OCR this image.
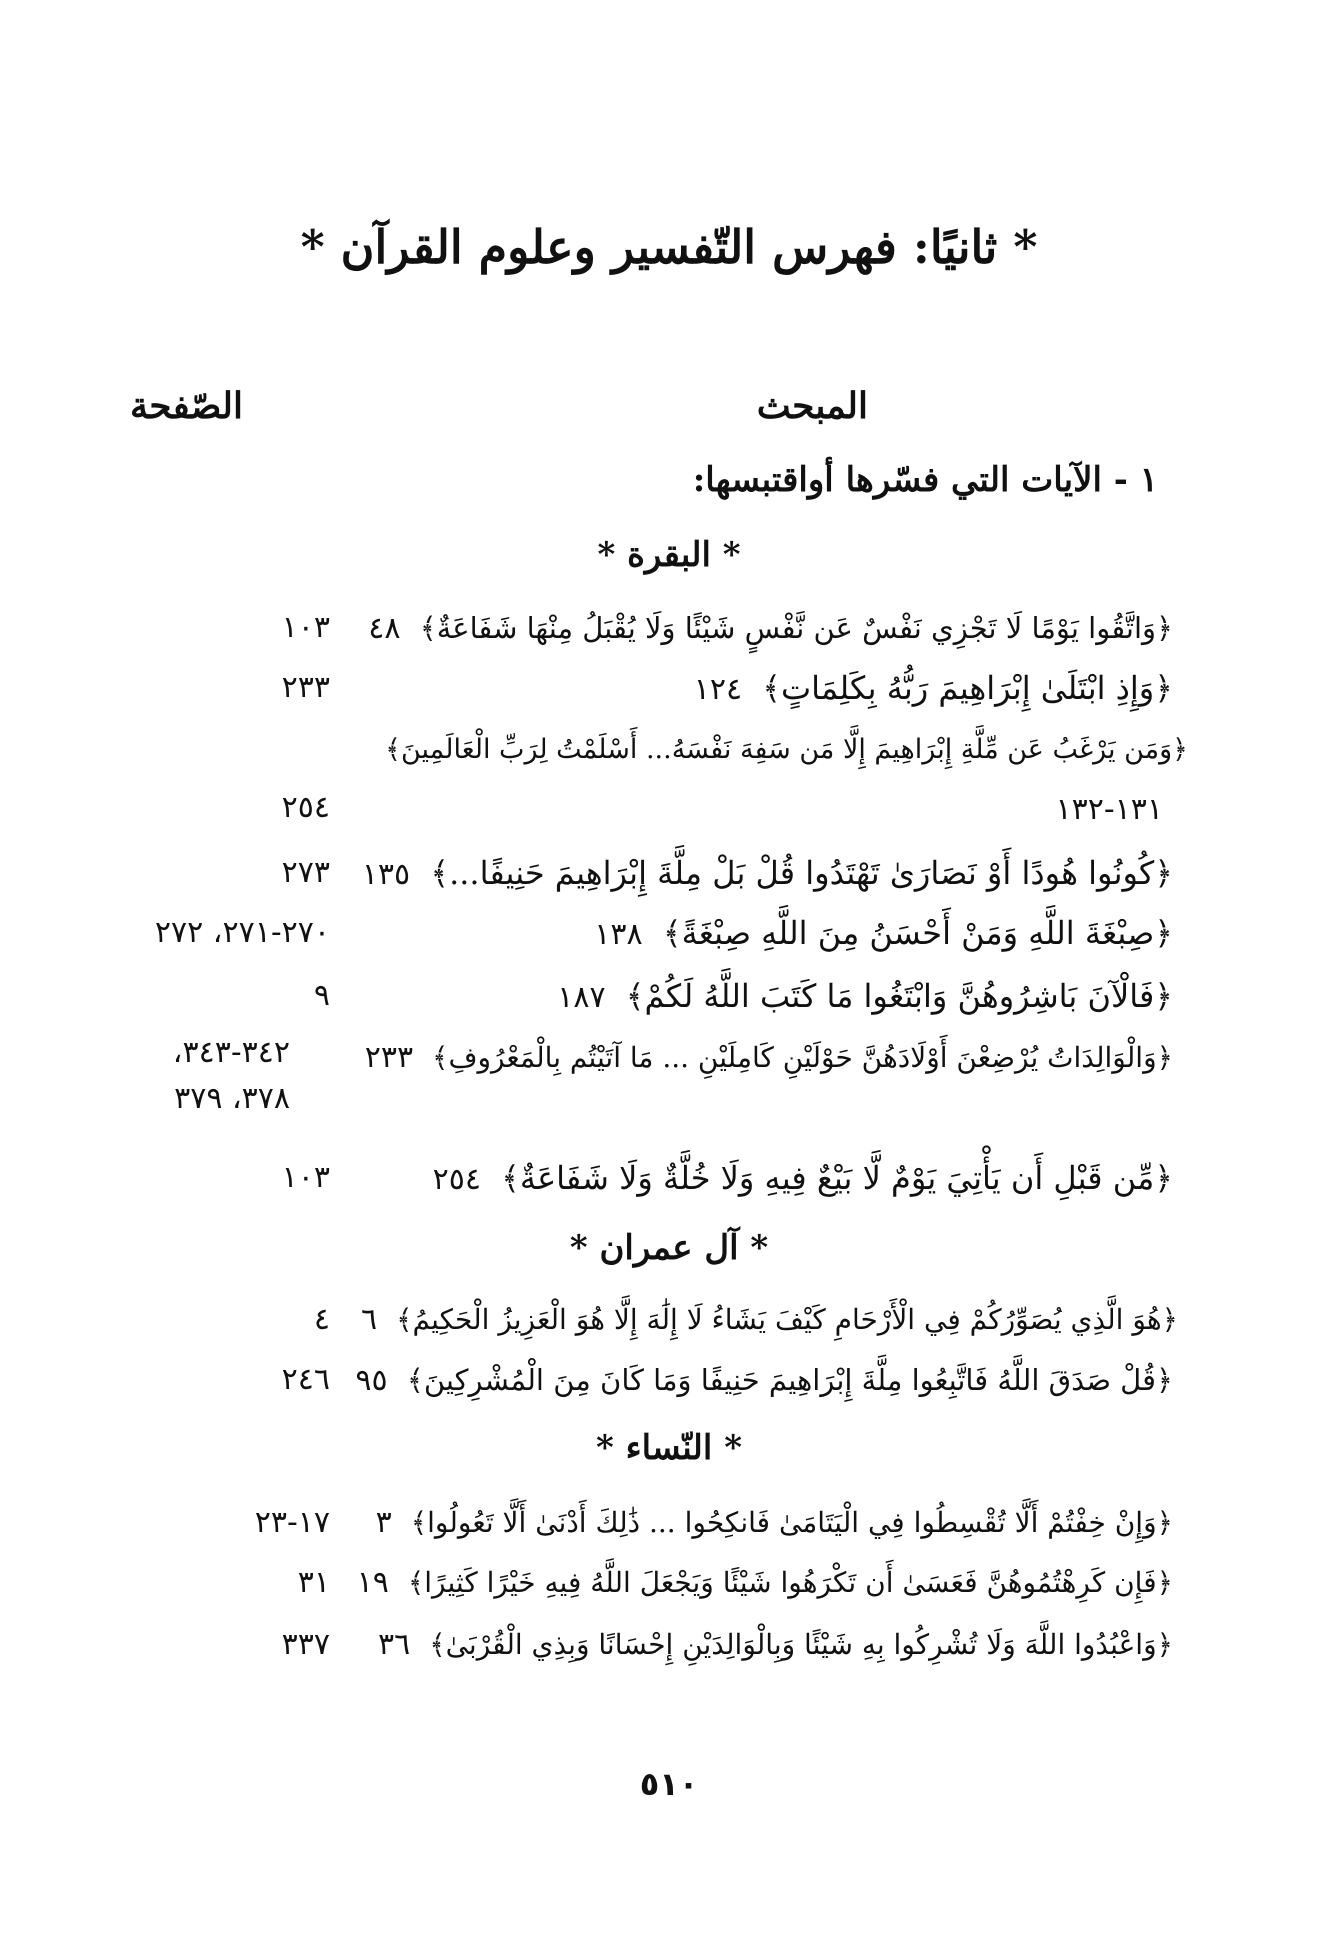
* ثانيًا: فهرس التّفسير وعلوم القرآن *
المبحث
الصّفحة
١ - الآيات التي فسّرها أواقتبسها:
* البقرة *
﴿وَاتَّقُوا يَوْمًا لَا تَجْزِي نَفْسٌ عَن نَّفْسٍ شَيْئًا وَلَا يُقْبَلُ مِنْهَا شَفَاعَةٌ﴾ ٤٨
١٠٣
﴿وَإِذِ ابْتَلَىٰ إِبْرَاهِيمَ رَبُّهُ بِكَلِمَاتٍ﴾ ١٢٤
٢٣٣
﴿وَمَن يَرْغَبُ عَن مِّلَّةِ إِبْرَاهِيمَ إِلَّا مَن سَفِهَ نَفْسَهُ... أَسْلَمْتُ لِرَبِّ الْعَالَمِينَ﴾
١٣١-١٣٢
٢٥٤
﴿كُونُوا هُودًا أَوْ نَصَارَىٰ تَهْتَدُوا قُلْ بَلْ مِلَّةَ إِبْرَاهِيمَ حَنِيفًا...﴾ ١٣٥
٢٧٣
﴿صِبْغَةَ اللَّهِ وَمَنْ أَحْسَنُ مِنَ اللَّهِ صِبْغَةً﴾ ١٣٨
٢٧٠-٢٧١، ٢٧٢
﴿فَالْآنَ بَاشِرُوهُنَّ وَابْتَغُوا مَا كَتَبَ اللَّهُ لَكُمْ﴾ ١٨٧
٩
﴿وَالْوَالِدَاتُ يُرْضِعْنَ أَوْلَادَهُنَّ حَوْلَيْنِ كَامِلَيْنِ ... مَا آتَيْتُم بِالْمَعْرُوفِ﴾ ٢٣٣
٣٤٢-٣٤٣، ٣٧٨، ٣٧٩
﴿مِّن قَبْلِ أَن يَأْتِيَ يَوْمٌ لَّا بَيْعٌ فِيهِ وَلَا خُلَّةٌ وَلَا شَفَاعَةٌ﴾ ٢٥٤
١٠٣
* آل عمران *
﴿هُوَ الَّذِي يُصَوِّرُكُمْ فِي الْأَرْحَامِ كَيْفَ يَشَاءُ لَا إِلَٰهَ إِلَّا هُوَ الْعَزِيزُ الْحَكِيمُ﴾ ٦
٤
﴿قُلْ صَدَقَ اللَّهُ فَاتَّبِعُوا مِلَّةَ إِبْرَاهِيمَ حَنِيفًا وَمَا كَانَ مِنَ الْمُشْرِكِينَ﴾ ٩٥
٢٤٦
* النّساء *
﴿وَإِنْ خِفْتُمْ أَلَّا تُقْسِطُوا فِي الْيَتَامَىٰ فَانكِحُوا ... ذَٰلِكَ أَدْنَىٰ أَلَّا تَعُولُوا﴾ ٣
١٧-٢٣
﴿فَإِن كَرِهْتُمُوهُنَّ فَعَسَىٰ أَن تَكْرَهُوا شَيْئًا وَيَجْعَلَ اللَّهُ فِيهِ خَيْرًا كَثِيرًا﴾ ١٩
٣١
﴿وَاعْبُدُوا اللَّهَ وَلَا تُشْرِكُوا بِهِ شَيْئًا وَبِالْوَالِدَيْنِ إِحْسَانًا وَبِذِي الْقُرْبَىٰ﴾ ٣٦
٣٣٧
٥١٠
